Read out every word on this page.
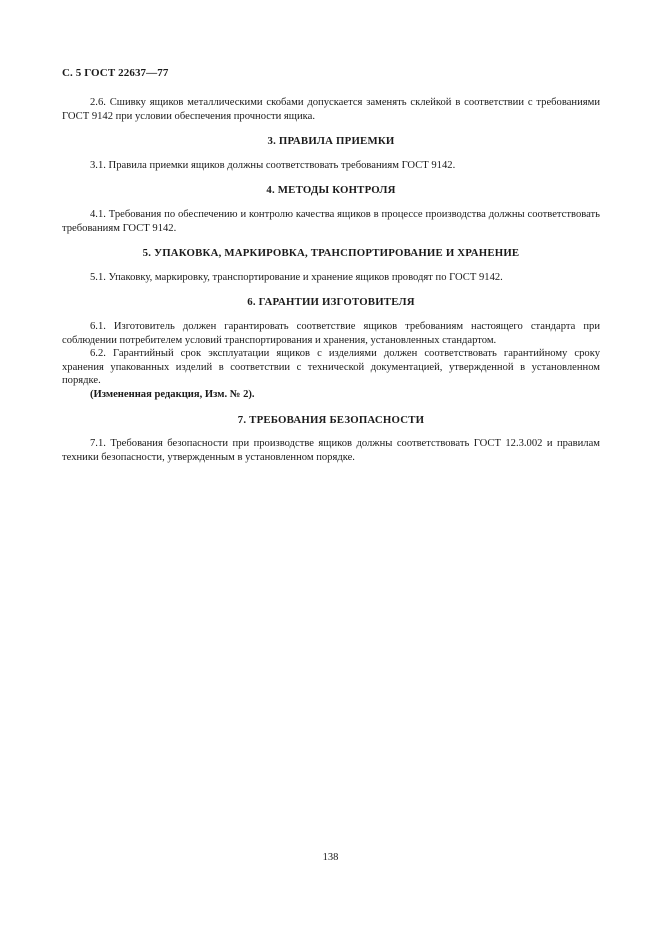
С. 5 ГОСТ 22637—77

2.6. Сшивку ящиков металлическими скобами допускается заменять склейкой в соответствии с требованиями ГОСТ 9142 при условии обеспечения прочности ящика.

3. ПРАВИЛА ПРИЕМКИ

3.1. Правила приемки ящиков должны соответствовать требованиям ГОСТ 9142.

4. МЕТОДЫ КОНТРОЛЯ

4.1. Требования по обеспечению и контролю качества ящиков в процессе производства должны соответствовать требованиям ГОСТ 9142.

5. УПАКОВКА, МАРКИРОВКА, ТРАНСПОРТИРОВАНИЕ И ХРАНЕНИЕ

5.1. Упаковку, маркировку, транспортирование и хранение ящиков проводят по ГОСТ 9142.

6. ГАРАНТИИ ИЗГОТОВИТЕЛЯ

6.1. Изготовитель должен гарантировать соответствие ящиков требованиям настоящего стандарта при соблюдении потребителем условий транспортирования и хранения, установленных стандартом.

6.2. Гарантийный срок эксплуатации ящиков с изделиями должен соответствовать гарантийному сроку хранения упакованных изделий в соответствии с технической документацией, утвержденной в установленном порядке.

(Измененная редакция, Изм. № 2).

7. ТРЕБОВАНИЯ БЕЗОПАСНОСТИ

7.1. Требования безопасности при производстве ящиков должны соответствовать ГОСТ 12.3.002 и правилам техники безопасности, утвержденным в установленном порядке.

138
